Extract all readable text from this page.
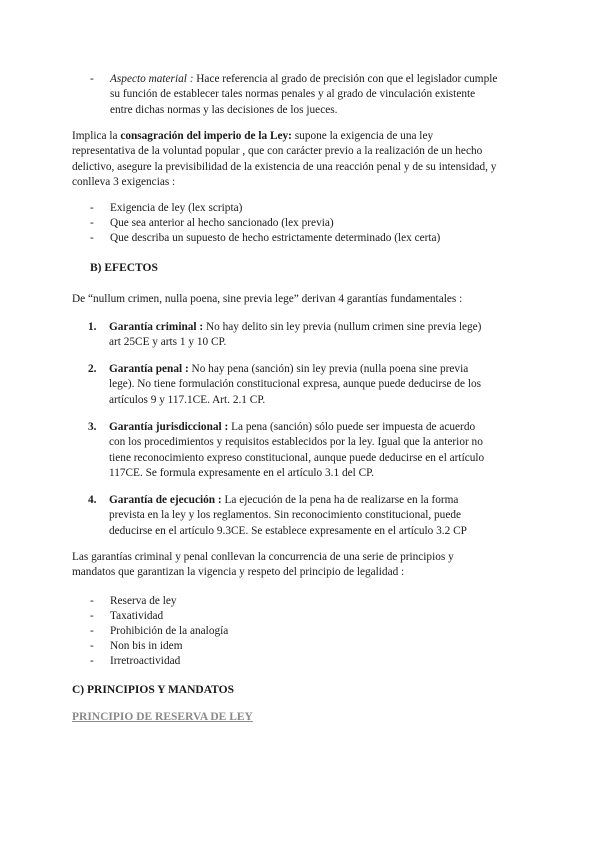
- Aspecto material : Hace referencia al grado de precisión con que el legislador cumple
su función de establecer tales normas penales y al grado de vinculación existente
entre dichas normas y las decisiones de los jueces.
Implica la consagración del imperio de la Ley: supone la exigencia de una ley
representativa de la voluntad popular , que con carácter previo a la realización de un hecho
delictivo, asegure la previsibilidad de la existencia de una reacción penal y de su intensidad, y
conlleva 3 exigencias :
- Exigencia de ley (lex scripta)
- Que sea anterior al hecho sancionado (lex previa)
- Que describa un supuesto de hecho estrictamente determinado (lex certa)
B) EFECTOS
De “nullum crimen, nulla poena, sine previa lege” derivan 4 garantías fundamentales :
1. Garantía criminal : No hay delito sin ley previa (nullum crimen sine previa lege)
art 25CE y arts 1 y 10 CP.
2. Garantía penal : No hay pena (sanción) sin ley previa (nulla poena sine previa
lege). No tiene formulación constitucional expresa, aunque puede deducirse de los
artículos 9 y 117.1CE. Art. 2.1 CP.
3. Garantía jurisdiccional : La pena (sanción) sólo puede ser impuesta de acuerdo
con los procedimientos y requisitos establecidos por la ley. Igual que la anterior no
tiene reconocimiento expreso constitucional, aunque puede deducirse en el artículo
117CE. Se formula expresamente en el artículo 3.1 del CP.
4. Garantía de ejecución : La ejecución de la pena ha de realizarse en la forma
prevista en la ley y los reglamentos. Sin reconocimiento constitucional, puede
deducirse en el artículo 9.3CE. Se establece expresamente en el artículo 3.2 CP
Las garantías criminal y penal conllevan la concurrencia de una serie de principios y
mandatos que garantizan la vigencia y respeto del principio de legalidad :
- Reserva de ley
- Taxatividad
- Prohibición de la analogía
- Non bis in idem
- Irretroactividad
C) PRINCIPIOS Y MANDATOS
PRINCIPIO DE RESERVA DE LEY
